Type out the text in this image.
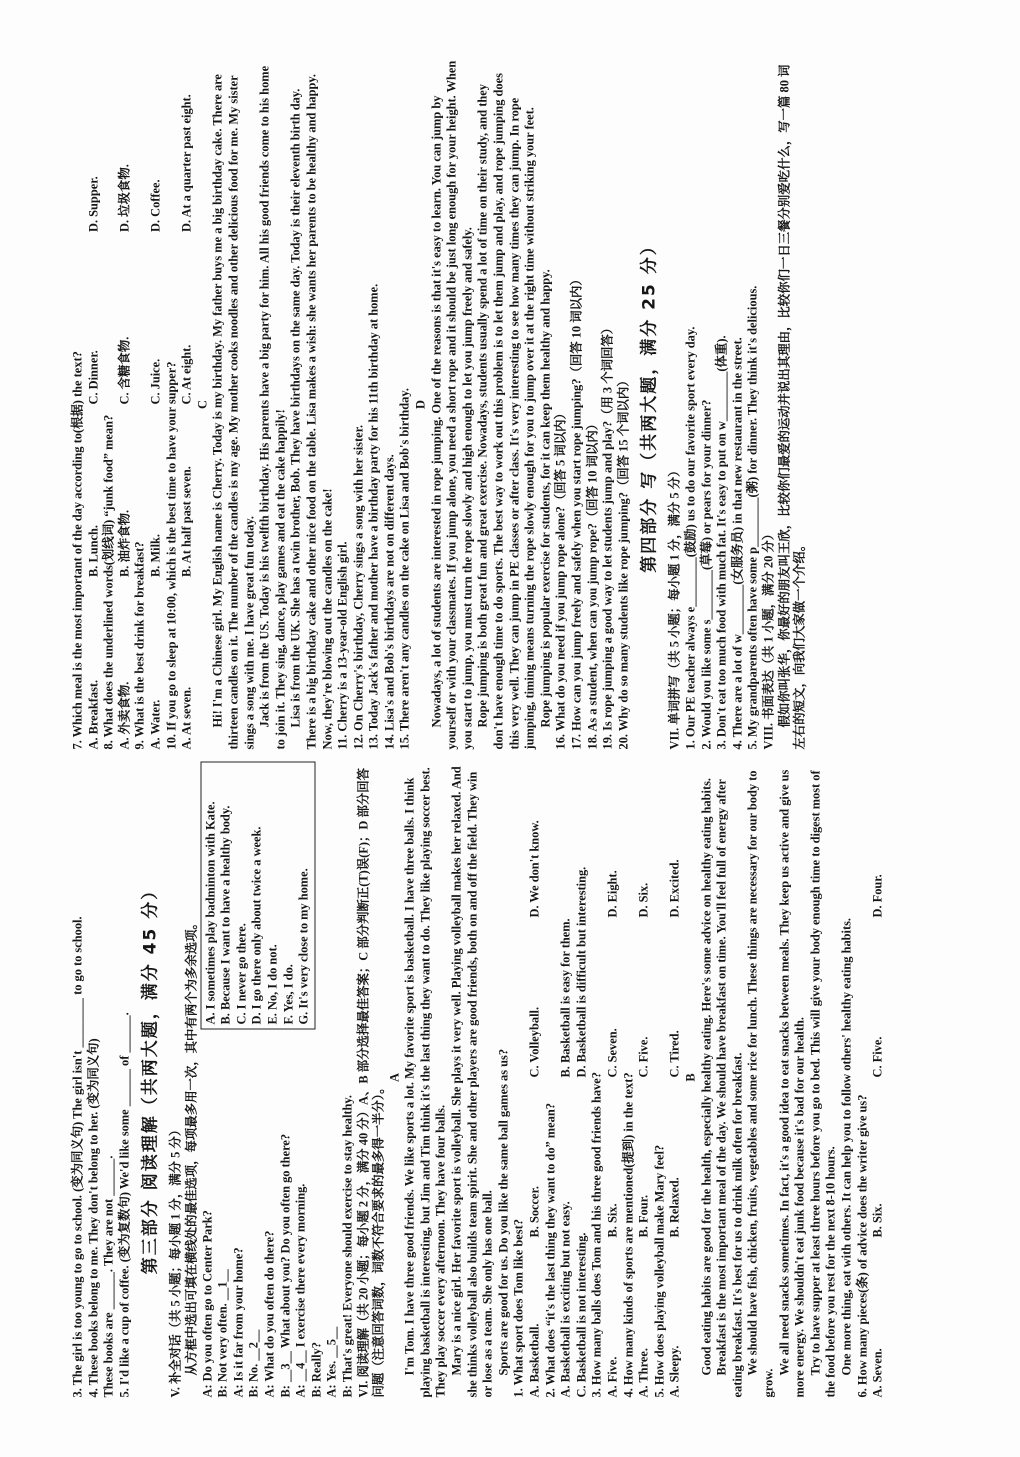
3. The girl is too young to go to school. (变为同义句) The girl isn't ________ to go to school. 4. These books belong to me. They don't belong to her. (变为同义句) These books are ______. They are not ______. 5. I'd like a cup of coffee. (变为复数句) We'd like some ______ of ______. 第三部分 阅读理解（共两大题，满分 45 分） V. 补全对话（共 5 小题；每小题 1 分，满分 5 分） 从方框中选出可填在横线处的最佳选项，每项最多用一次，其中有两个为多余选项。 A: Do you often go to Center Park? B: Not very often. __1__ A: Is it far from your home? B: No. __2__ A: What do you often do there? B: __3__ What about you? Do you often go there? A: __4__ I exercise there every morning. B: Really? A: Yes. __5__ B: That's great! Everyone should exercise to stay healthy.

A. I sometimes play badminton with Kate. B. Because I want to have a healthy body. C. I never go there. D. I go there only about twice a week. E. No, I do not. F. Yes, I do. G. It's very close to my home.	VI. 阅读理解（共 20 小题；每小题 2 分，满分 40 分）A、B 部分选择最佳答案；C 部分判断正(T)误(F)；D 部分回答问题（注意回答词数，词数不符合要求的最多得一半分）。

A I'm Tom. I have three good friends. We like sports a lot. My favorite sport is basketball. I have three balls. I think playing basketball is interesting, but Jim and Tim think it's the last thing they want to do. They like playing soccer best. They play soccer every afternoon. They have four balls. Mary is a nice girl. Her favorite sport is volleyball. She plays it very well. Playing volleyball makes her relaxed. And she thinks volleyball also builds team spirit. She and other players are good friends, both on and off the field. They win or lose as a team. She only has one ball. Sports are good for us. Do you like the same ball games as us? 1. What sport does Tom like best? A. Basketball.
B. Soccer.
C. Volleyball.
D. We don't know.

2. What does “it's the last thing they want to do” mean? A. Basketball is exciting but not easy.
B. Basketball is easy for them.
C. Basketball is not interesting.
D. Basketball is difficult but interesting.

3. How many balls does Tom and his three good friends have? A. Five.
B. Six.
C. Seven.
D. Eight.

4. How many kinds of sports are mentioned(提到) in the text? A. Three.
B. Four.
C. Five.
D. Six.

5. How does playing volleyball make Mary feel? A. Sleepy.
B. Relaxed.
C. Tired.
D. Excited.
B Good eating habits are good for the health, especially healthy eating. Here's some advice on healthy eating habits. Breakfast is the most important meal of the day. We should have breakfast on time. You'll feel full of energy after eating breakfast. It's best for us to drink milk often for breakfast. We should have fish, chicken, fruits, vegetables and some rice for lunch. These things are necessary for our body to grow.

We all need snacks sometimes. In fact, it's a good idea to eat snacks between meals. They keep us active and give us more energy. We shouldn't eat junk food because it's bad for our health. Try to have supper at least three hours before you go to bed. This will give your body enough time to digest most of the food before you rest for the next 8-10 hours. One more thing, eat with others. It can help you to follow others' healthy eating habits. 6. How many pieces(条) of advice does the writer give us? A. Seven.
B. Six.
C. Five.
D. Four.

7. Which meal is the most important of the day according to(根据) the text? A. Breakfast.
B. Lunch.
C. Dinner.
D. Supper.

8. What does the underlined words(划线词) “junk food” mean? A. 外卖食物.
B. 油炸食物.
C. 含糖食物.
D. 垃圾食物.

9. What is the best drink for breakfast? A. Water.
B. Milk.
C. Juice.
D. Coffee.

10. If you go to sleep at 10:00, which is the best time to have your supper? A. At seven.
B. At half past seven.
C. At eight.
D. At a quarter past eight.
C Hi! I'm a Chinese girl. My English name is Cherry. Today is my birthday. My father buys me a big birthday cake. There are thirteen candles on it. The number of the candles is my age. My mother cooks noodles and other delicious food for me. My sister sings a song with me. I have great fun today. Jack is from the US. Today is his twelfth birthday. His parents have a big party for him. All his good friends come to his home to join it. They sing, dance, play games and eat the cake happily! Lisa is from the UK. She has a twin brother, Bob. They have birthdays on the same day. Today is their eleventh birth day. There is a big birthday cake and other nice food on the table. Lisa makes a wish: she wants her parents to be healthy and happy. Now, they're blowing out the candles on the cake! 11. Cherry is a 13-year-old English girl. 12. On Cherry's birthday, Cherry sings a song with her sister. 13. Today Jack's father and mother have a birthday party for his 11th birthday at home. 14. Lisa's and Bob's birthdays are not on different days. 15. There aren't any candles on the cake on Lisa and Bob's birthday. D Nowadays, a lot of students are interested in rope jumping. One of the reasons is that it's easy to learn. You can jump by yourself or with your classmates. If you jump alone, you need a short rope and it should be just long enough for your height. When you start to jump, you must turn the rope slowly and high enough to let you jump freely and safely. Rope jumping is both great fun and great exercise. Nowadays, students usually spend a lot of time on their study, and they don't have enough time to do sports. The best way to work out this problem is to let them jump and play, and rope jumping does this very well. They can jump in PE classes or after class. It's very interesting to see how many times they can jump. In rope jumping, timing means turning the rope slowly enough for you to jump over it at the right time without striking your feet. Rope jumping is popular exercise for students, for it can keep them healthy and happy. 16. What do you need if you jump rope alone?（回答 5 词以内） 17. How can you jump freely and safely when you start rope jumping?（回答 10 词以内） 18. As a student, when can you jump rope?（回答 10 词以内） 19. Is rope jumping a good way to let students jump and play?（用 3 个词回答） 20. Why do so many students like rope jumping?（回答 15 个词以内） 第四部分 写（共两大题，满分 25 分）

VII. 单词拼写（共 5 小题；每小题 1 分，满分 5 分） 1. Our PE teacher always e________(鼓励) us to do our favorite sport every day. 2. Would you like some s________(草莓) or pears for your dinner? 3. Don't eat too much food with much fat. It's easy to put on w________(体重). 4. There are a lot of w________(女服务员) in that new restaurant in the street. 5. My grandparents often have some p________(粥) for dinner. They think it's delicious. VIII. 书面表达（共 1 小题，满分 20 分） 假如你叫张华，你最好的朋友叫王欣，比较你们最爱的运动并说出其理由，比较你们一日三餐分别爱吃什么，写一篇 80 词左右的短文，向我们大家做一个介绍。
